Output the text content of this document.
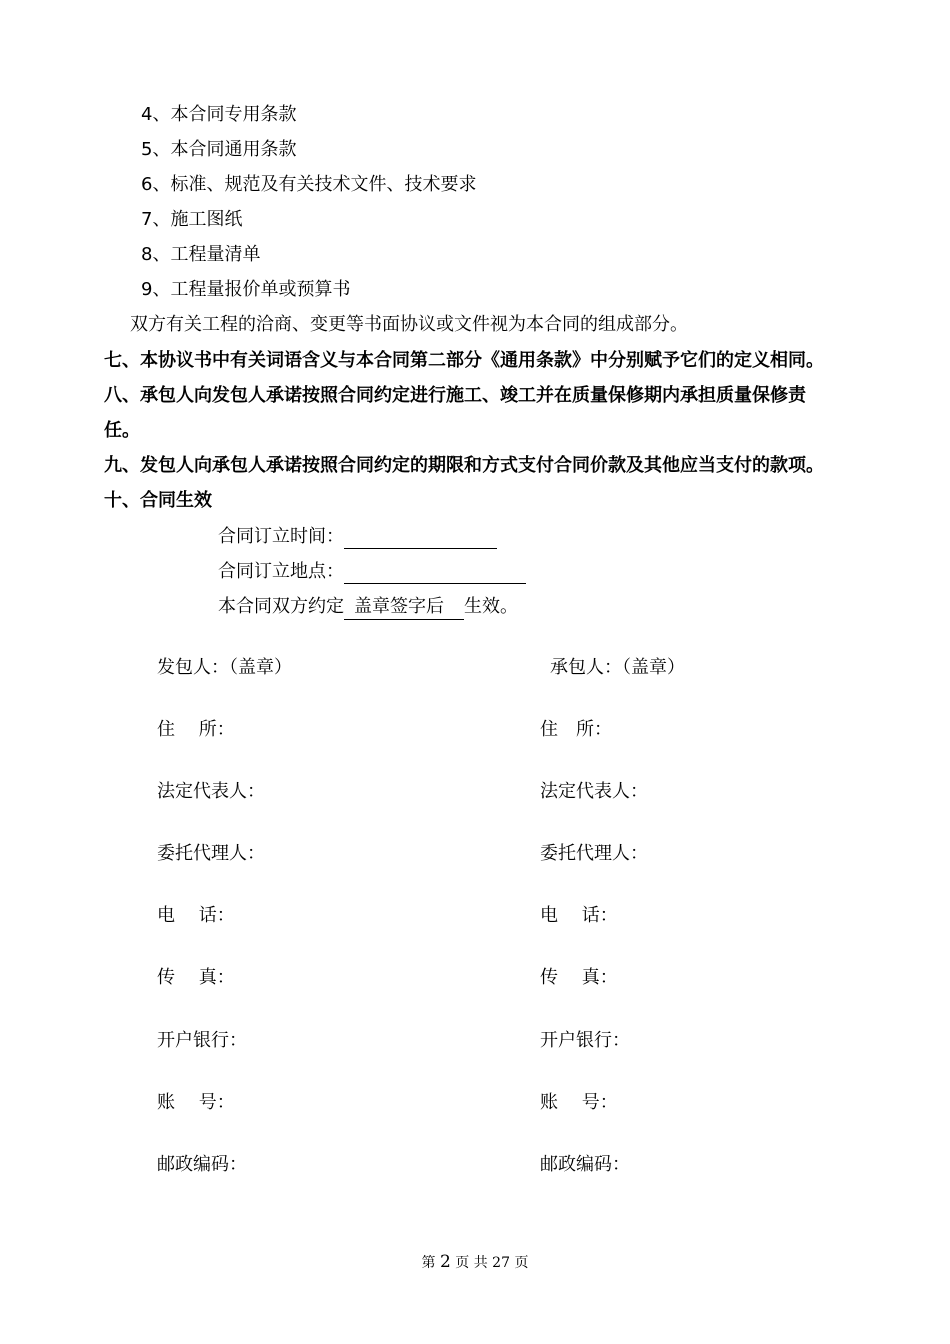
4、本合同专用条款
5、本合同通用条款
6、标准、规范及有关技术文件、技术要求
7、施工图纸
8、工程量清单
9、工程量报价单或预算书
双方有关工程的洽商、变更等书面协议或文件视为本合同的组成部分。
七、本协议书中有关词语含义与本合同第二部分《通用条款》中分别赋予它们的定义相同。
八、承包人向发包人承诺按照合同约定进行施工、竣工并在质量保修期内承担质量保修责
任。
九、发包人向承包人承诺按照合同约定的期限和方式支付合同价款及其他应当支付的款项。
十、合同生效
合同订立时间：
合同订立地点：
本合同双方约定 盖章签字后 生效。
发包人：（盖章）
住　 所：
法定代表人：
委托代理人：
电　 话：
传　 真：
开户银行：
账　 号：
邮政编码：
承包人：（盖章）
住　所：
法定代表人：
委托代理人：
电　 话：
传　 真：
开户银行：
账　 号：
邮政编码：
第 2 页 共 27 页
